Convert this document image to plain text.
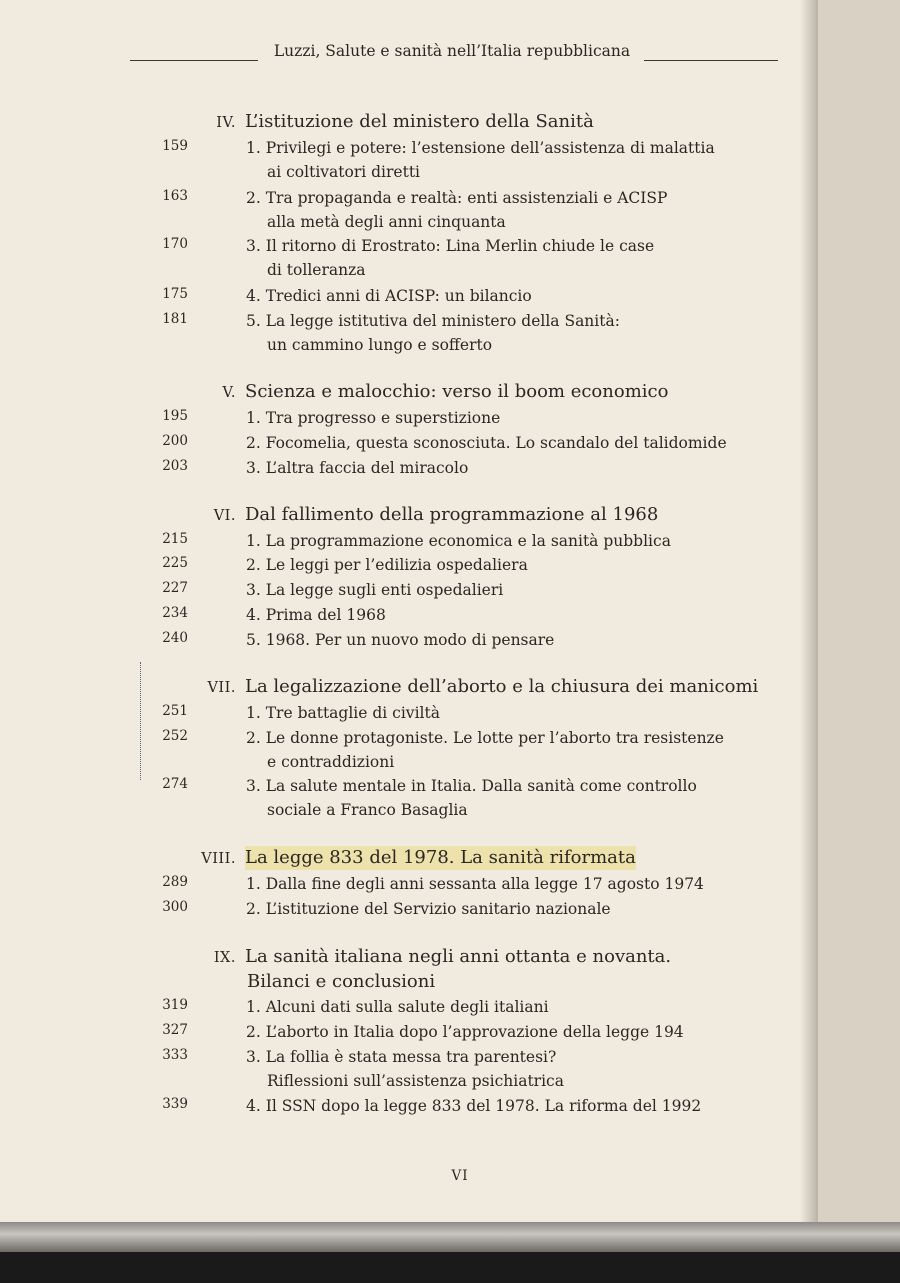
Luzzi, Salute e sanità nell’Italia repubblicana
IV. L’istituzione del ministero della Sanità
159	1. Privilegi e potere: l’estensione dell’assistenza di malattia
ai coltivatori diretti
163	2. Tra propaganda e realtà: enti assistenziali e ACISP
alla metà degli anni cinquanta
170	3. Il ritorno di Erostrato: Lina Merlin chiude le case
di tolleranza
175	4. Tredici anni di ACISP: un bilancio
181	5. La legge istitutiva del ministero della Sanità:
un cammino lungo e sofferto
V. Scienza e malocchio: verso il boom economico
195	1. Tra progresso e superstizione
200	2. Focomelia, questa sconosciuta. Lo scandalo del talidomide
203	3. L’altra faccia del miracolo
VI. Dal fallimento della programmazione al 1968
215	1. La programmazione economica e la sanità pubblica
225	2. Le leggi per l’edilizia ospedaliera
227	3. La legge sugli enti ospedalieri
234	4. Prima del 1968
240	5. 1968. Per un nuovo modo di pensare
VII. La legalizzazione dell’aborto e la chiusura dei manicomi
251	1. Tre battaglie di civiltà
252	2. Le donne protagoniste. Le lotte per l’aborto tra resistenze
e contraddizioni
274	3. La salute mentale in Italia. Dalla sanità come controllo
sociale a Franco Basaglia
VIII. La legge 833 del 1978. La sanità riformata
289	1. Dalla fine degli anni sessanta alla legge 17 agosto 1974
300	2. L’istituzione del Servizio sanitario nazionale
IX. La sanità italiana negli anni ottanta e novanta.
Bilanci e conclusioni
319	1. Alcuni dati sulla salute degli italiani
327	2. L’aborto in Italia dopo l’approvazione della legge 194
333	3. La follia è stata messa tra parentesi?
Riflessioni sull’assistenza psichiatrica
339	4. Il SSN dopo la legge 833 del 1978. La riforma del 1992
VI
